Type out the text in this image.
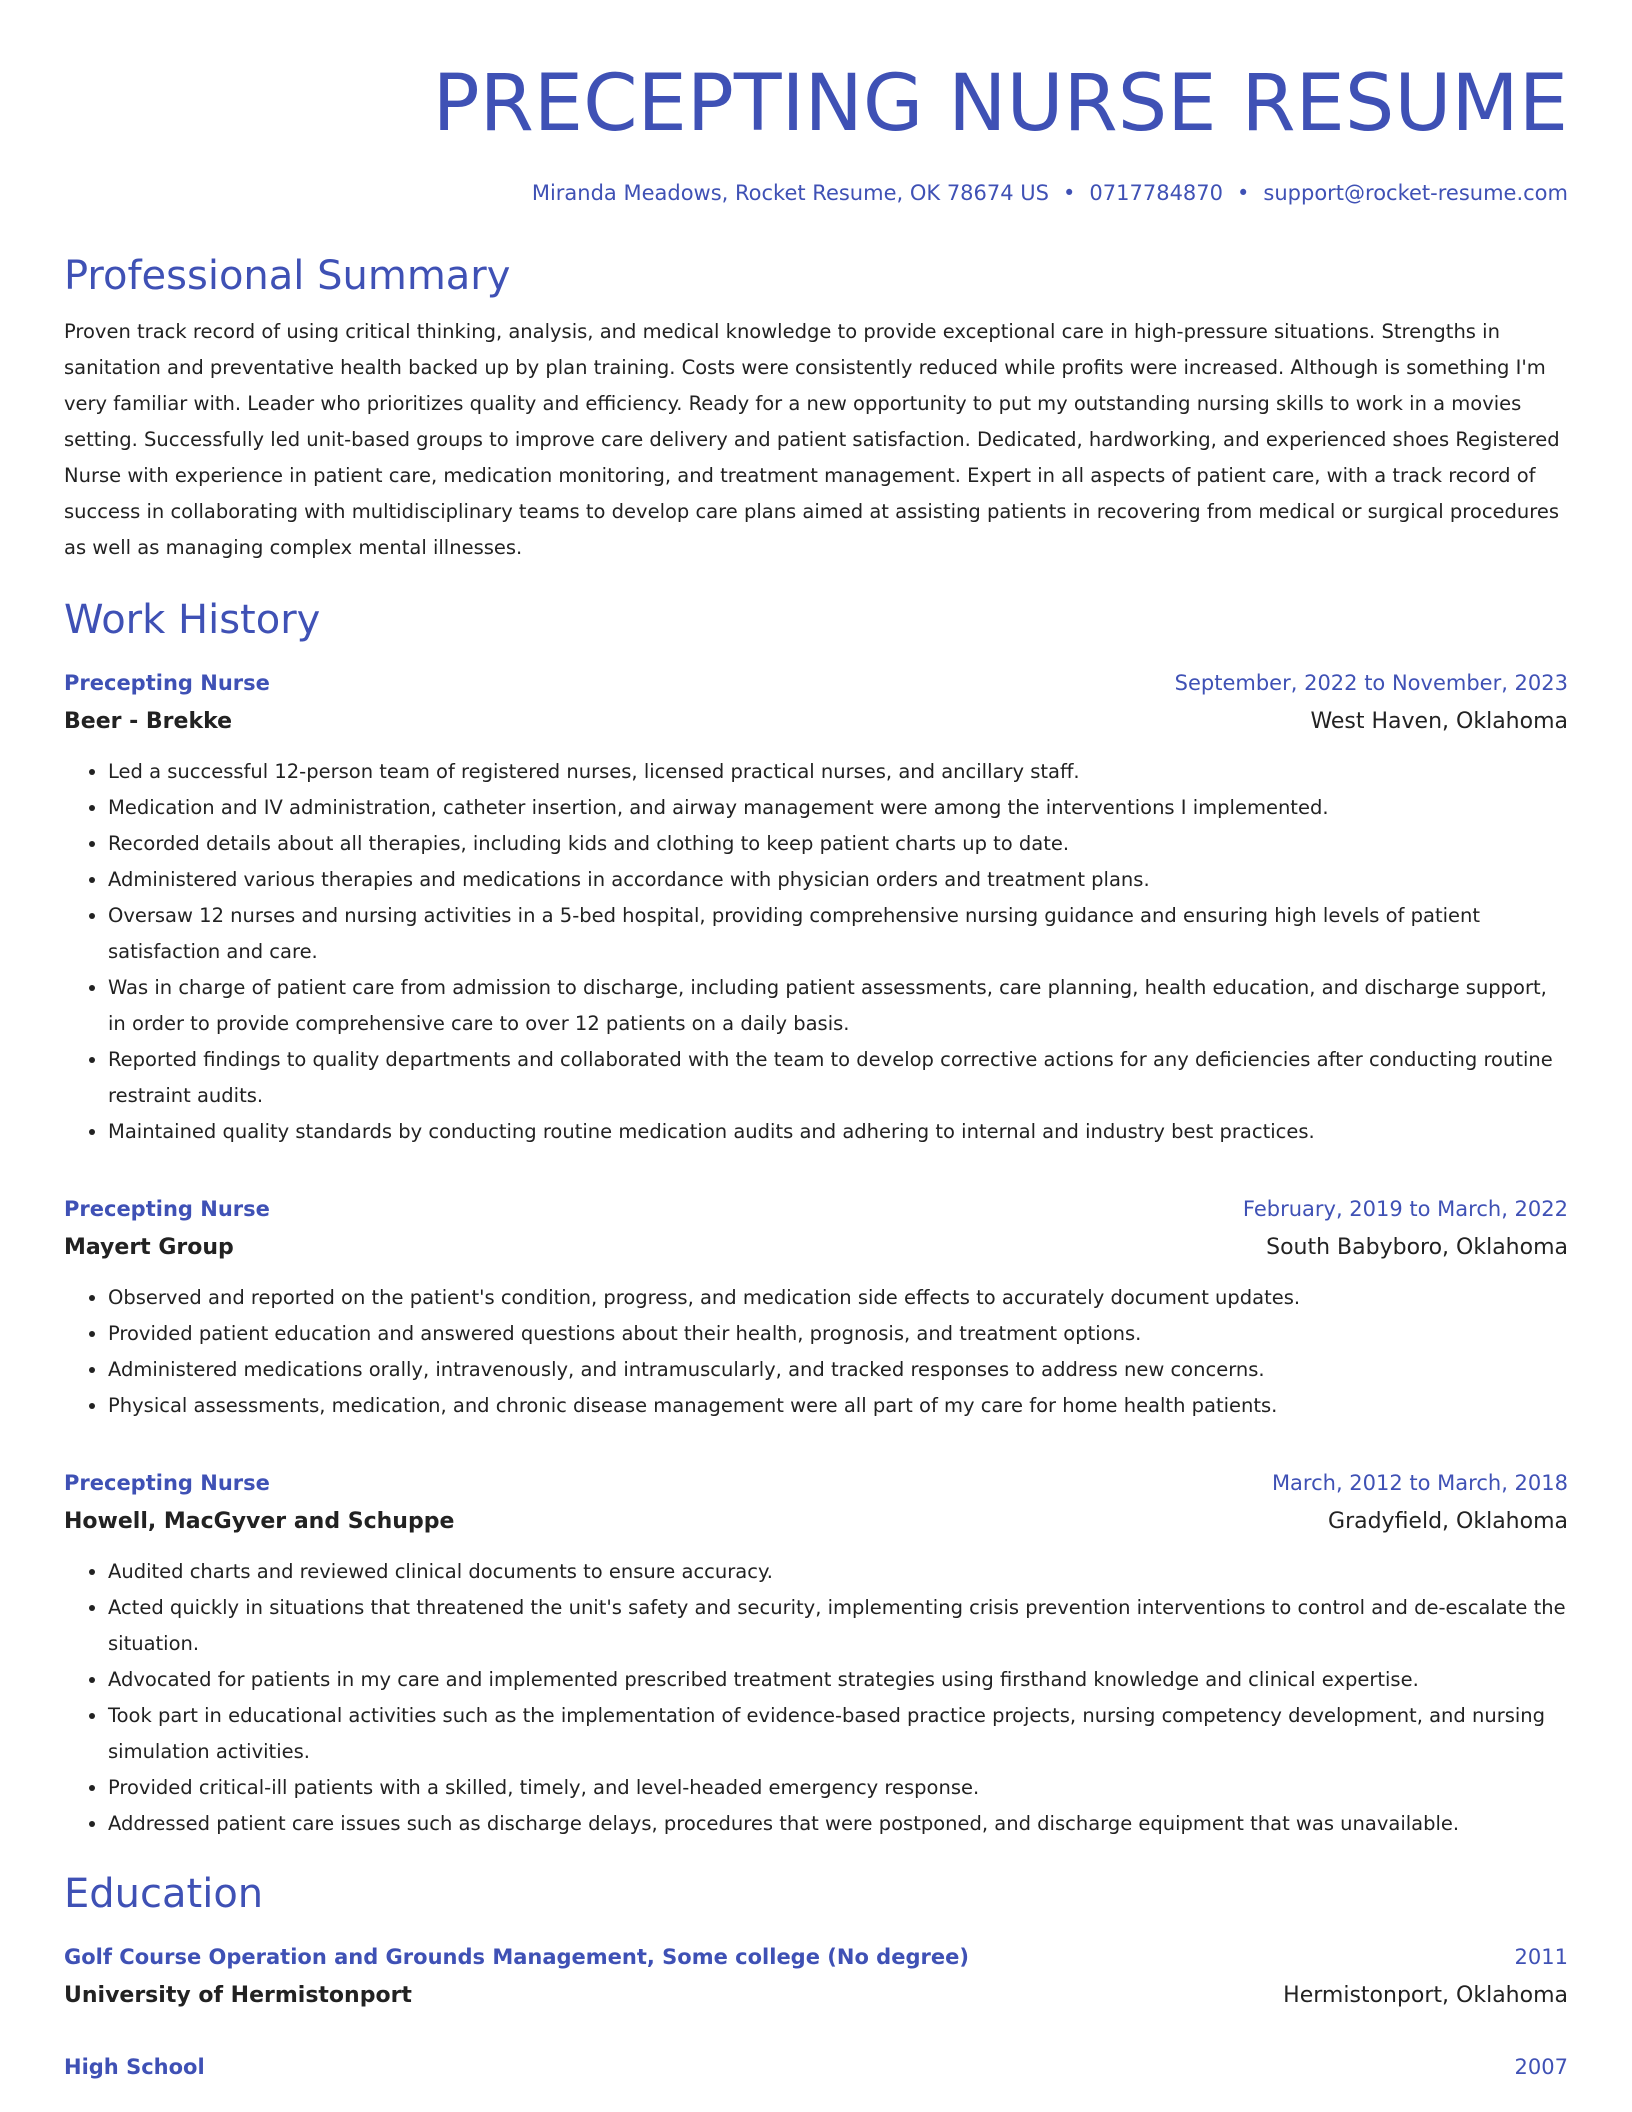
PRECEPTING NURSE RESUME
Miranda Meadows, Rocket Resume, OK 78674 US • 0717784870 • support@rocket-resume.com
Professional Summary

Proven track record of using critical thinking, analysis, and medical knowledge to provide exceptional care in high-pressure situations. Strengths in sanitation and preventative health backed up by plan training. Costs were consistently reduced while profits were increased. Although is something I'm very familiar with. Leader who prioritizes quality and efficiency. Ready for a new opportunity to put my outstanding nursing skills to work in a movies setting. Successfully led unit-based groups to improve care delivery and patient satisfaction. Dedicated, hardworking, and experienced shoes Registered Nurse with experience in patient care, medication monitoring, and treatment management. Expert in all aspects of patient care, with a track record of success in collaborating with multidisciplinary teams to develop care plans aimed at assisting patients in recovering from medical or surgical procedures as well as managing complex mental illnesses.

Work History
Precepting Nurse	September, 2022 to November, 2023
Beer - Brekke	West Haven, Oklahoma
• Led a successful 12-person team of registered nurses, licensed practical nurses, and ancillary staff.
• Medication and IV administration, catheter insertion, and airway management were among the interventions I implemented.
• Recorded details about all therapies, including kids and clothing to keep patient charts up to date.
• Administered various therapies and medications in accordance with physician orders and treatment plans.
• Oversaw 12 nurses and nursing activities in a 5-bed hospital, providing comprehensive nursing guidance and ensuring high levels of patient satisfaction and care.
• Was in charge of patient care from admission to discharge, including patient assessments, care planning, health education, and discharge support, in order to provide comprehensive care to over 12 patients on a daily basis.
• Reported findings to quality departments and collaborated with the team to develop corrective actions for any deficiencies after conducting routine restraint audits.
• Maintained quality standards by conducting routine medication audits and adhering to internal and industry best practices.
Precepting Nurse	February, 2019 to March, 2022
Mayert Group	South Babyboro, Oklahoma
• Observed and reported on the patient's condition, progress, and medication side effects to accurately document updates.
• Provided patient education and answered questions about their health, prognosis, and treatment options.
• Administered medications orally, intravenously, and intramuscularly, and tracked responses to address new concerns.
• Physical assessments, medication, and chronic disease management were all part of my care for home health patients.
Precepting Nurse	March, 2012 to March, 2018
Howell, MacGyver and Schuppe	Gradyfield, Oklahoma
• Audited charts and reviewed clinical documents to ensure accuracy.
• Acted quickly in situations that threatened the unit's safety and security, implementing crisis prevention interventions to control and de-escalate the situation.
• Advocated for patients in my care and implemented prescribed treatment strategies using firsthand knowledge and clinical expertise.
• Took part in educational activities such as the implementation of evidence-based practice projects, nursing competency development, and nursing simulation activities.
• Provided critical-ill patients with a skilled, timely, and level-headed emergency response.
• Addressed patient care issues such as discharge delays, procedures that were postponed, and discharge equipment that was unavailable.
Education
Golf Course Operation and Grounds Management, Some college (No degree)	2011
University of Hermistonport	Hermistonport, Oklahoma
High School	2007
